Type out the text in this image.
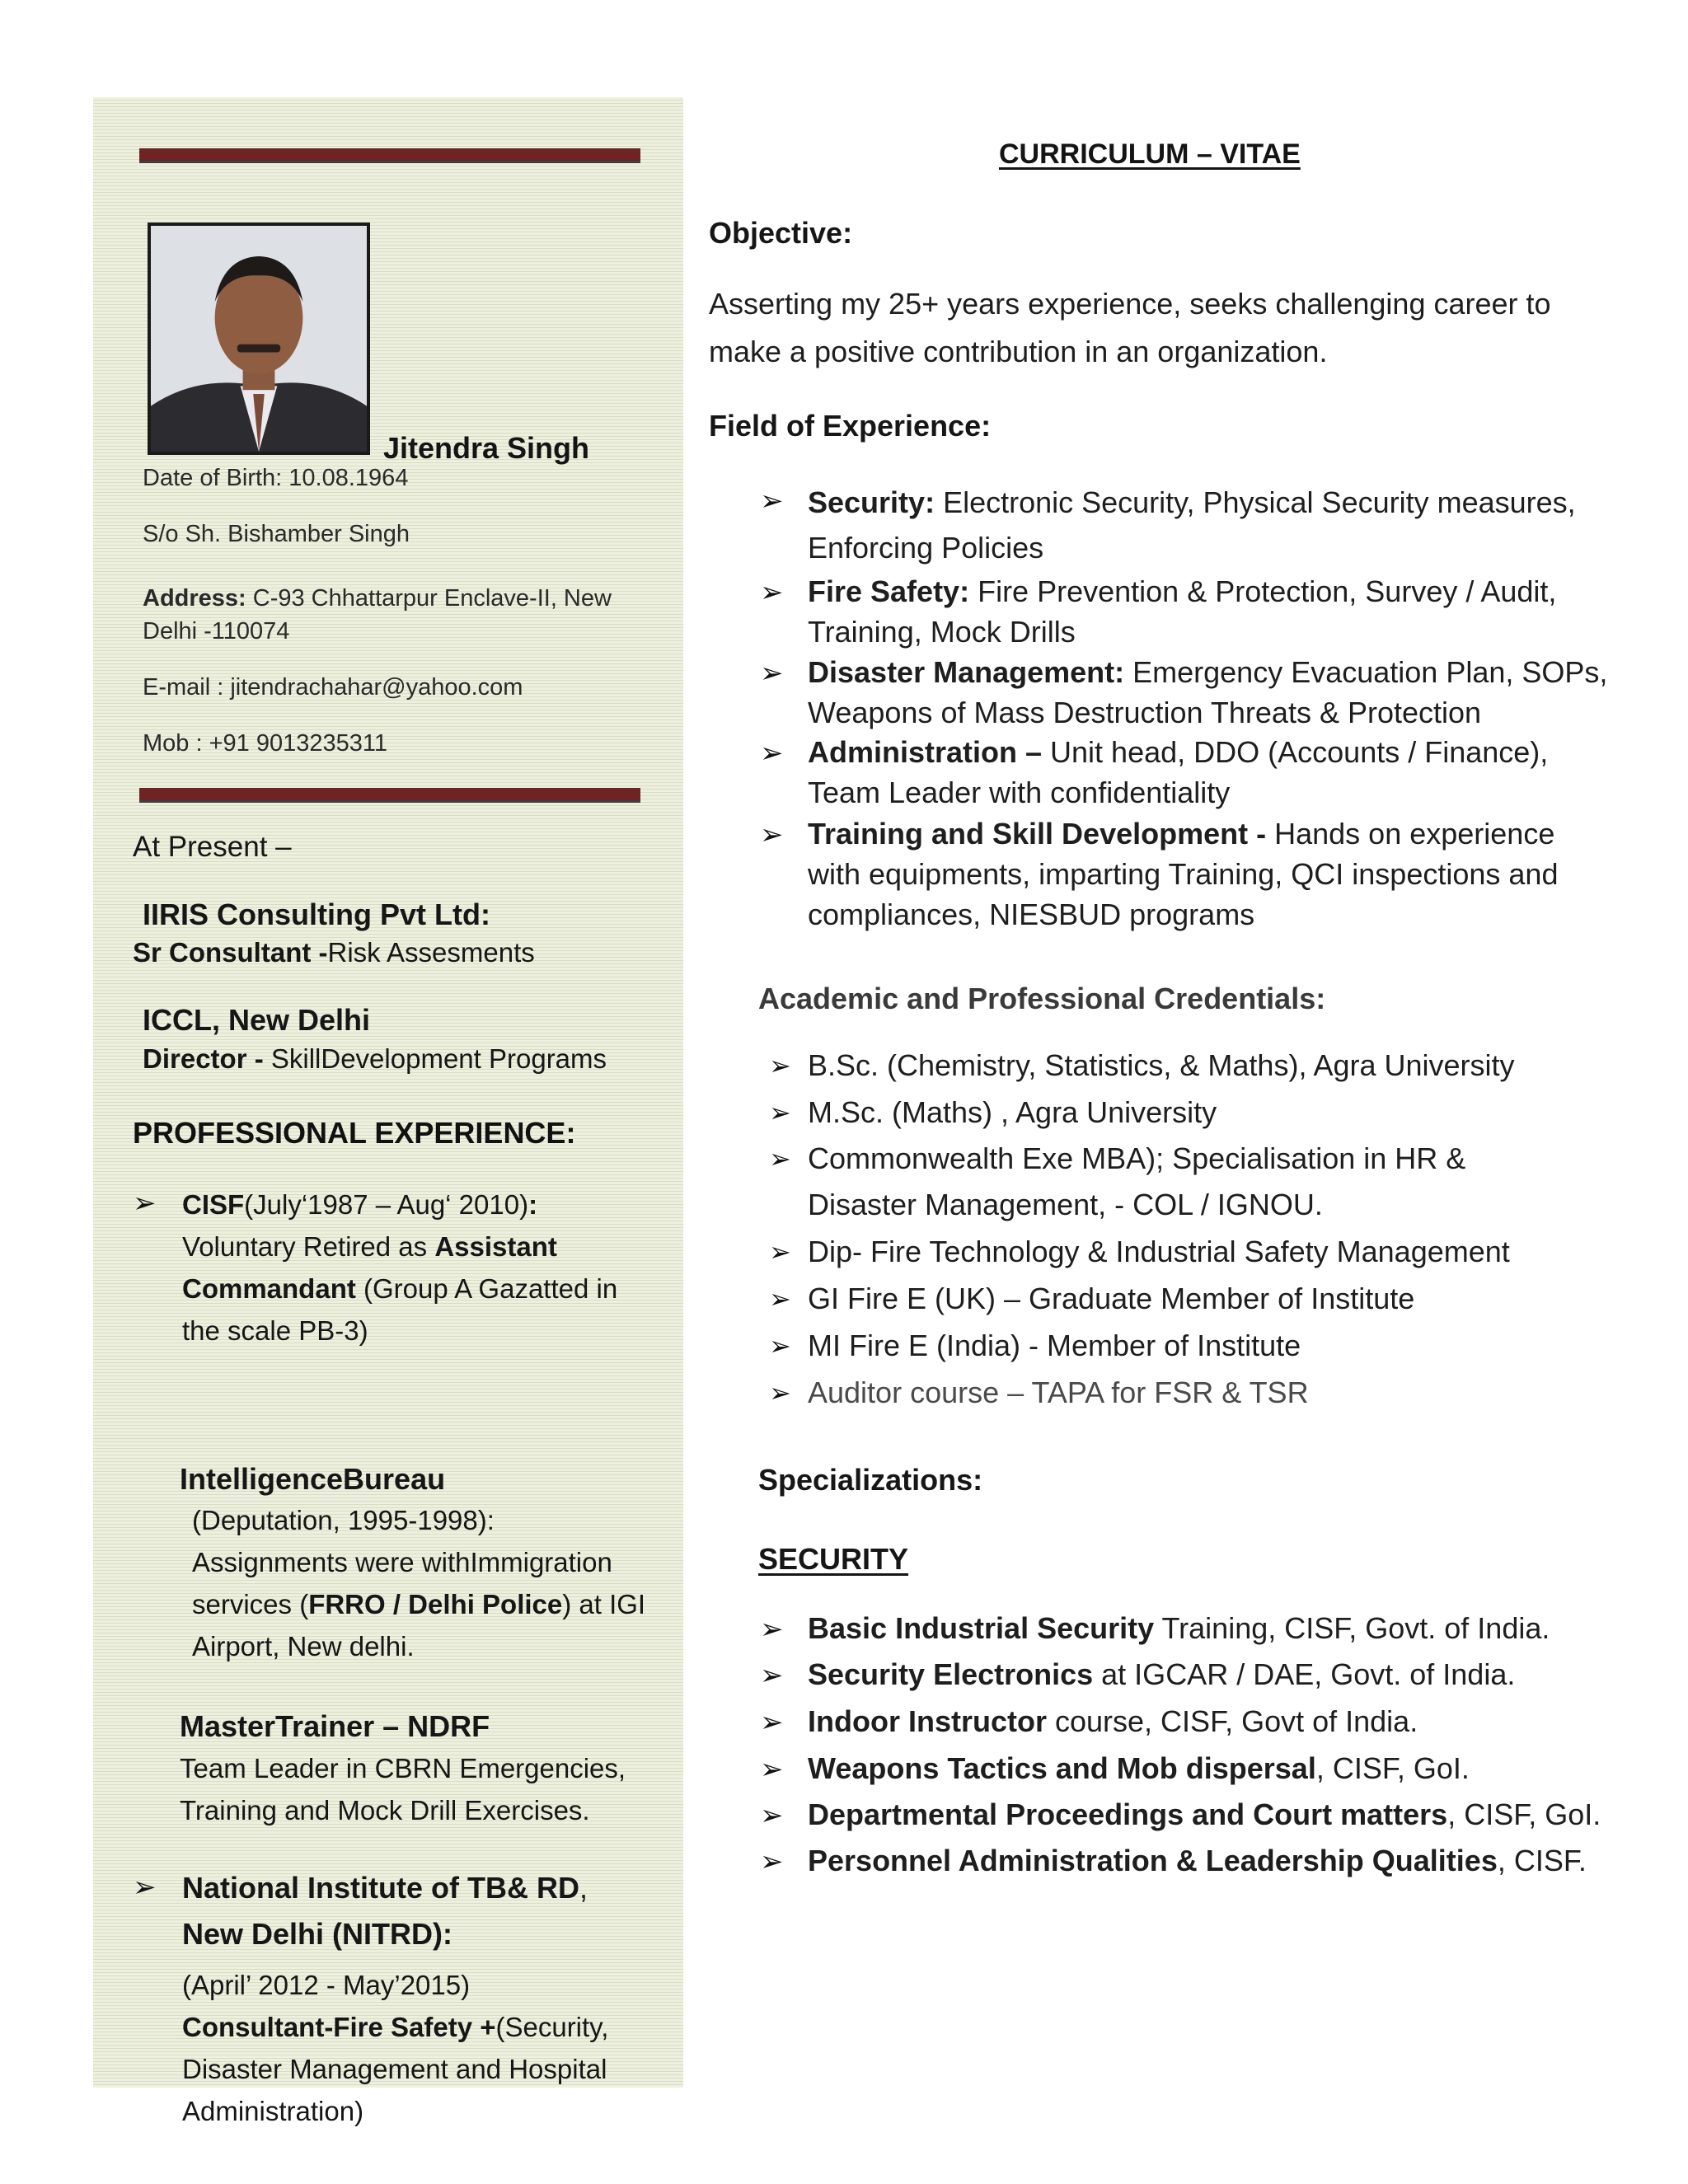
Jitendra Singh
Date of Birth: 10.08.1964
S/o Sh. Bishamber Singh
Address: C-93 Chhattarpur Enclave-II, New
Delhi -110074
E-mail : jitendrachahar@yahoo.com
Mob : +91 9013235311
At Present –
IIRIS Consulting Pvt Ltd:
Sr Consultant -Risk Assesments
ICCL, New Delhi
Director - SkillDevelopment Programs
PROFESSIONAL EXPERIENCE:
➢ CISF(July‘1987 – Aug‘ 2010):
Voluntary Retired as Assistant
Commandant (Group A Gazatted in
the scale PB-3)
IntelligenceBureau
(Deputation, 1995-1998):
Assignments were withImmigration
services (FRRO / Delhi Police) at IGI
Airport, New delhi.
MasterTrainer – NDRF
Team Leader in CBRN Emergencies,
Training and Mock Drill Exercises.
➢ National Institute of TB& RD,
New Delhi (NITRD):
(April’ 2012 - May’2015)
Consultant-Fire Safety +(Security,
Disaster Management and Hospital
Administration)
CURRICULUM – VITAE
Objective:
Asserting my 25+ years experience, seeks challenging career to
make a positive contribution in an organization.
Field of Experience:
➢ Security: Electronic Security, Physical Security measures,
Enforcing Policies
➢ Fire Safety: Fire Prevention & Protection, Survey / Audit,
Training, Mock Drills
➢ Disaster Management: Emergency Evacuation Plan, SOPs,
Weapons of Mass Destruction Threats & Protection
➢ Administration – Unit head, DDO (Accounts / Finance),
Team Leader with confidentiality
➢ Training and Skill Development - Hands on experience
with equipments, imparting Training, QCI inspections and
compliances, NIESBUD programs
Academic and Professional Credentials:
➢ B.Sc. (Chemistry, Statistics, & Maths), Agra University
➢ M.Sc. (Maths) , Agra University
➢ Commonwealth Exe MBA); Specialisation in HR &
Disaster Management, - COL / IGNOU.
➢ Dip- Fire Technology & Industrial Safety Management
➢ GI Fire E (UK) – Graduate Member of Institute
➢ MI Fire E (India) - Member of Institute
➢ Auditor course – TAPA for FSR & TSR
Specializations:
SECURITY
➢ Basic Industrial Security Training, CISF, Govt. of India.
➢ Security Electronics at IGCAR / DAE, Govt. of India.
➢ Indoor Instructor course, CISF, Govt of India.
➢ Weapons Tactics and Mob dispersal, CISF, GoI.
➢ Departmental Proceedings and Court matters, CISF, GoI.
➢ Personnel Administration & Leadership Qualities, CISF.
